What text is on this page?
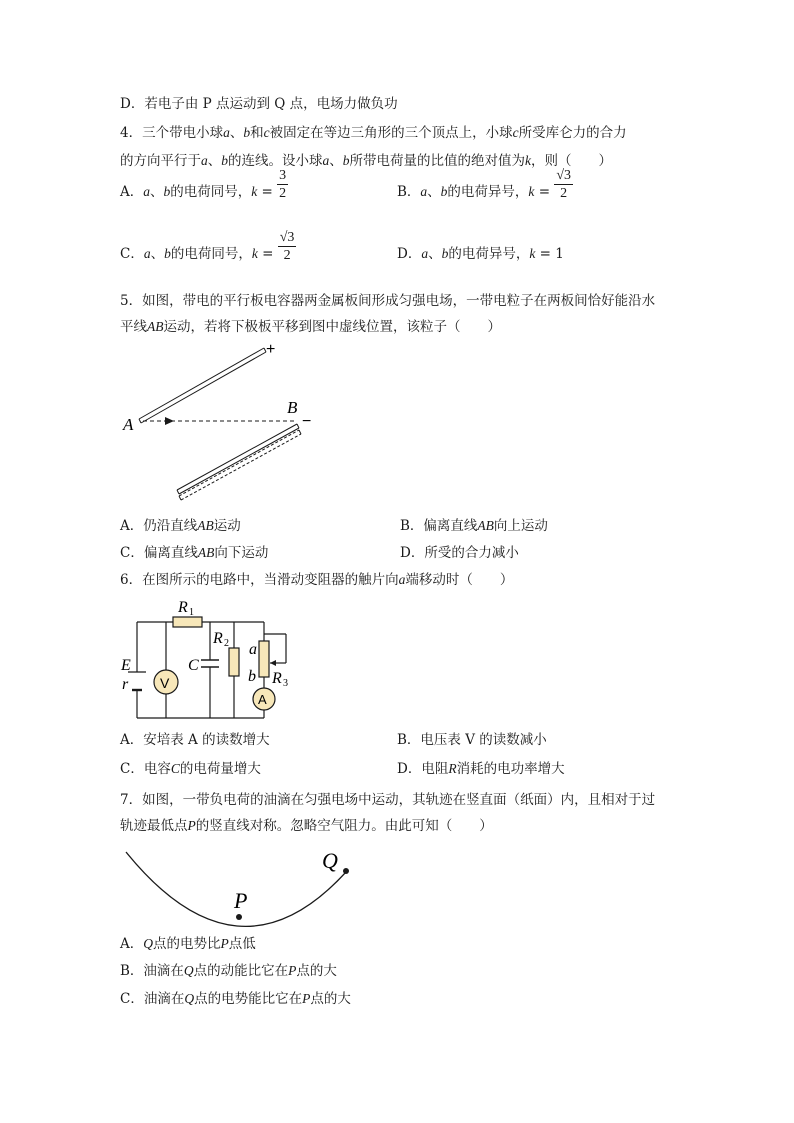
D．若电子由 P 点运动到 Q 点，电场力做负功
4．三个带电小球a、b和c被固定在等边三角形的三个顶点上，小球c所受库仑力的合力
的方向平行于a、b的连线。设小球a、b所带电荷量的比值的绝对值为k，则（　　）
A．a、b的电荷同号，$k = \frac{3}{2}$	B．a、b的电荷异号，$k = \frac{√3}{2}$
C．a、b的电荷同号，$k = \frac{√3}{2}$	D．a、b的电荷异号，k = 1
5．如图，带电的平行板电容器两金属板间形成匀强电场，一带电粒子在两板间恰好能沿水
平线AB运动，若将下极板平移到图中虚线位置，该粒子（　　）
+
−
A
B
A．仍沿直线AB运动	B．偏离直线AB向上运动
C．偏离直线AB向下运动	D．所受的合力减小
6．在图所示的电路中，当滑动变阻器的触片向a端移动时（　　）
V
A
R 1
R 2
C
E
r
a
b R 3
A．安培表 A 的读数增大	B．电压表 V 的读数减小
C．电容C的电荷量增大	D．电阻R消耗的电功率增大
7．如图，一带负电荷的油滴在匀强电场中运动，其轨迹在竖直面（纸面）内，且相对于过
轨迹最低点P的竖直线对称。忽略空气阻力。由此可知（　　）
P
Q
A．Q点的电势比P点低
B．油滴在Q点的动能比它在P点的大
C．油滴在Q点的电势能比它在P点的大
